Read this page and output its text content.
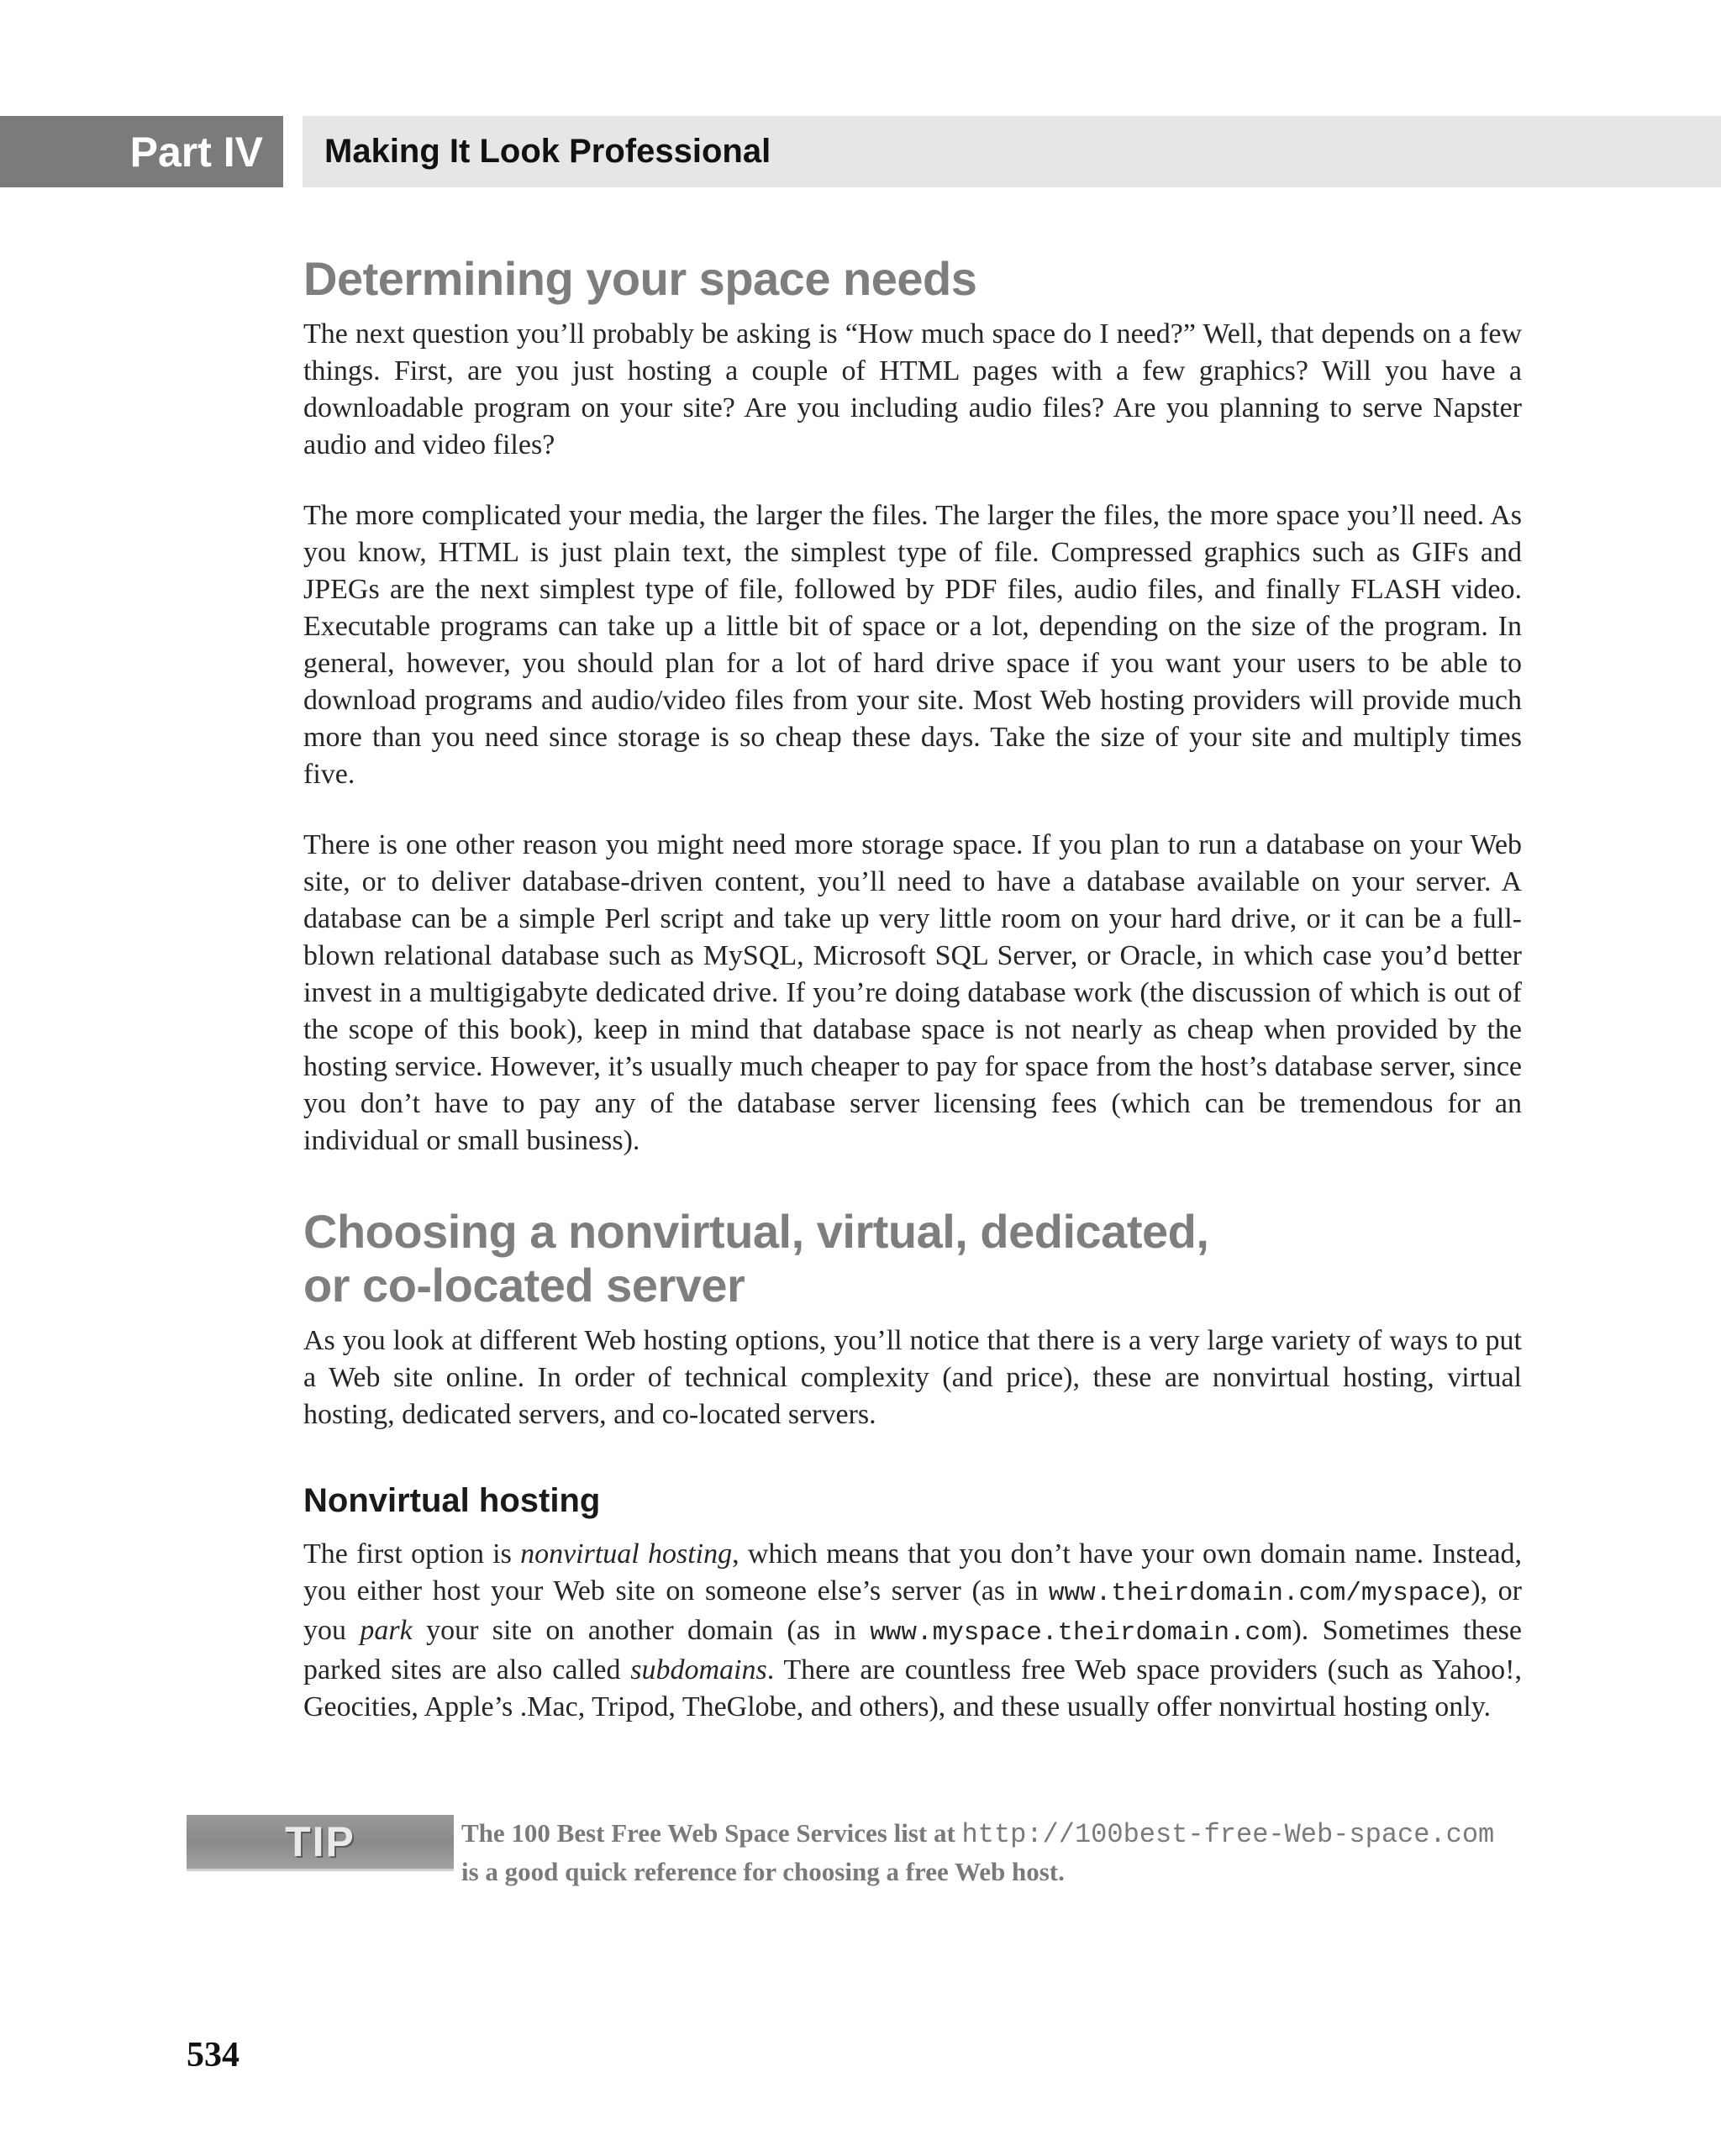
Part IV Making It Look Professional
Determining your space needs

The next question you’ll probably be asking is “How much space do I need?” Well, that depends on a few things. First, are you just hosting a couple of HTML pages with a few graphics? Will you have a downloadable program on your site? Are you including audio files? Are you planning to serve Napster audio and video files?

The more complicated your media, the larger the files. The larger the files, the more space you’ll need. As you know, HTML is just plain text, the simplest type of file. Compressed graphics such as GIFs and JPEGs are the next simplest type of file, followed by PDF files, audio files, and finally FLASH video. Executable programs can take up a little bit of space or a lot, depending on the size of the program. In general, however, you should plan for a lot of hard drive space if you want your users to be able to download programs and audio/video files from your site. Most Web hosting providers will provide much more than you need since storage is so cheap these days. Take the size of your site and multiply times five.

There is one other reason you might need more storage space. If you plan to run a database on your Web site, or to deliver database-driven content, you’ll need to have a database available on your server. A database can be a simple Perl script and take up very little room on your hard drive, or it can be a full-blown relational database such as MySQL, Microsoft SQL Server, or Oracle, in which case you’d better invest in a multigigabyte dedicated drive. If you’re doing database work (the discussion of which is out of the scope of this book), keep in mind that database space is not nearly as cheap when provided by the hosting service. However, it’s usually much cheaper to pay for space from the host’s database server, since you don’t have to pay any of the database server licensing fees (which can be tremendous for an individual or small business).

Choosing a nonvirtual, virtual, dedicated,
or co-located server

As you look at different Web hosting options, you’ll notice that there is a very large variety of ways to put a Web site online. In order of technical complexity (and price), these are nonvirtual hosting, virtual hosting, dedicated servers, and co-located servers.

Nonvirtual hosting

The first option is nonvirtual hosting, which means that you don’t have your own domain name. Instead, you either host your Web site on someone else’s server (as in www.theirdomain.com/myspace), or you park your site on another domain (as in www.myspace.theirdomain.com). Sometimes these parked sites are also called subdomains. There are countless free Web space providers (such as Yahoo!, Geocities, Apple’s .Mac, Tripod, TheGlobe, and others), and these usually offer nonvirtual hosting only.

TIP	The 100 Best Free Web Space Services list at http://100best-free-Web-space.com is a good quick reference for choosing a free Web host.
534
